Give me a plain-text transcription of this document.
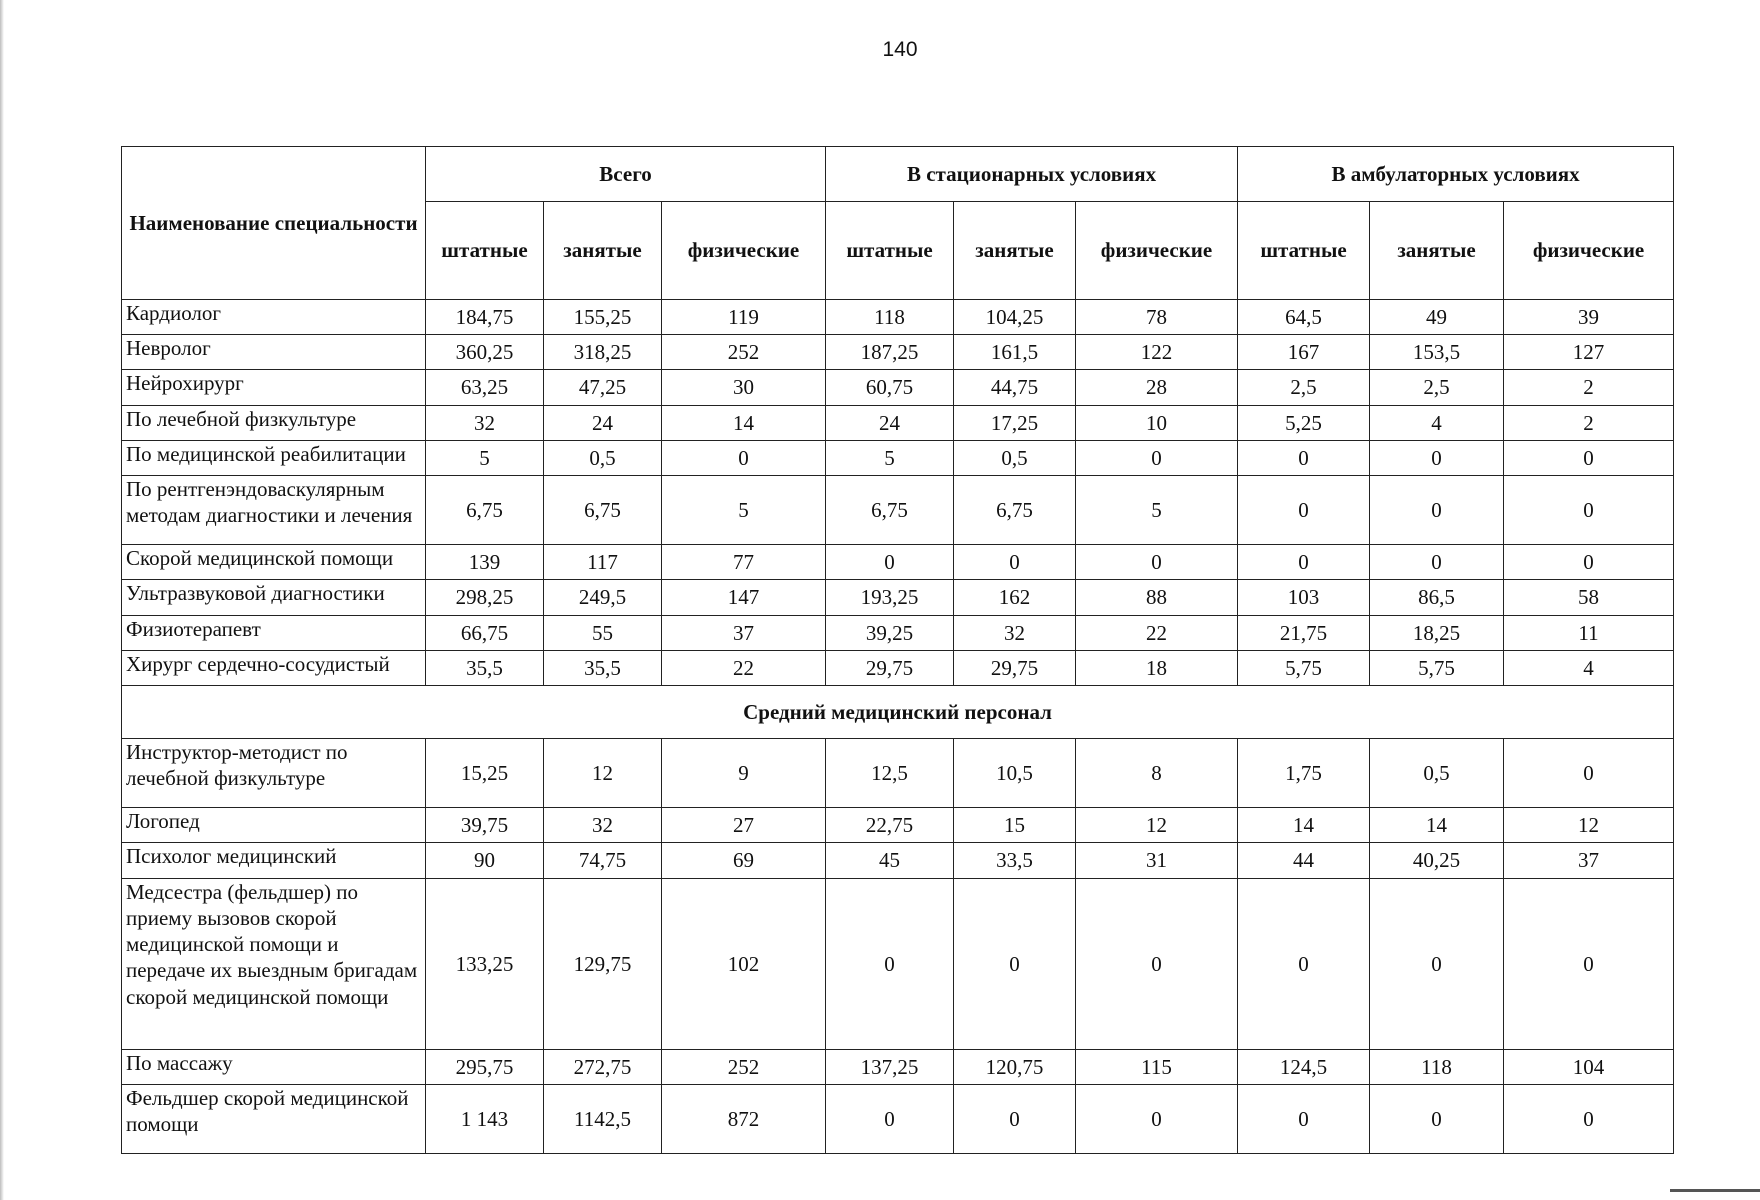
140
Наименование специальности	Всего			В стационарных условиях			В амбулаторных условиях		
	штатные	занятые	физические	штатные	занятые	физические	штатные	занятые	физические
Кардиолог	184,75	155,25	119	118	104,25	78	64,5	49	39
Невролог	360,25	318,25	252	187,25	161,5	122	167	153,5	127
Нейрохирург	63,25	47,25	30	60,75	44,75	28	2,5	2,5	2
По лечебной физкультуре	32	24	14	24	17,25	10	5,25	4	2
По медицинской реабилитации	5	0,5	0	5	0,5	0	0	0	0
По рентгенэндоваскулярным методам диагностики и лечения	6,75	6,75	5	6,75	6,75	5	0	0	0
Скорой медицинской помощи	139	117	77	0	0	0	0	0	0
Ультразвуковой диагностики	298,25	249,5	147	193,25	162	88	103	86,5	58
Физиотерапевт	66,75	55	37	39,25	32	22	21,75	18,25	11
Хирург сердечно-сосудистый	35,5	35,5	22	29,75	29,75	18	5,75	5,75	4
Средний медицинский персонал									
Инструктор-методист по лечебной физкультуре	15,25	12	9	12,5	10,5	8	1,75	0,5	0
Логопед	39,75	32	27	22,75	15	12	14	14	12
Психолог медицинский	90	74,75	69	45	33,5	31	44	40,25	37
Медсестра (фельдшер) по приему вызовов скорой медицинской помощи и передаче их выездным бригадам скорой медицинской помощи	133,25	129,75	102	0	0	0	0	0	0
По массажу	295,75	272,75	252	137,25	120,75	115	124,5	118	104
Фельдшер скорой медицинской помощи	1 143	1142,5	872	0	0	0	0	0	0
